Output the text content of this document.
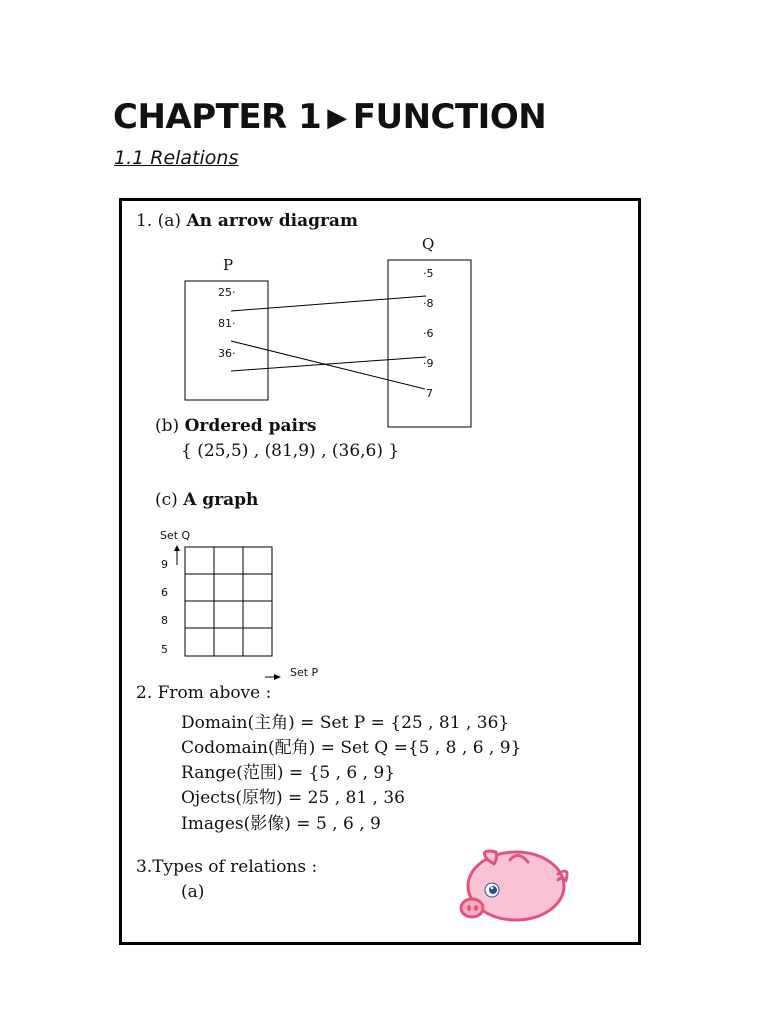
CHAPTER 1 ▶ FUNCTION
1.1 Relations
1. (a) An arrow diagram
P
Q
25·
81·
36·
·5
·8
·6
·9
7
(b) Ordered pairs
{ (25,5) , (81,9) , (36,6) }
(c) A graph
Set Q
Set P
9
6
8
5
2. From above :
Domain(主角) = Set P = {25 , 81 , 36}
Codomain(配角) = Set Q ={5 , 8 , 6 , 9}
Range(范围) = {5 , 6 , 9}
Ojects(原物) = 25 , 81 , 36
Images(影像) = 5 , 6 , 9
3.Types of relations :
(a)
